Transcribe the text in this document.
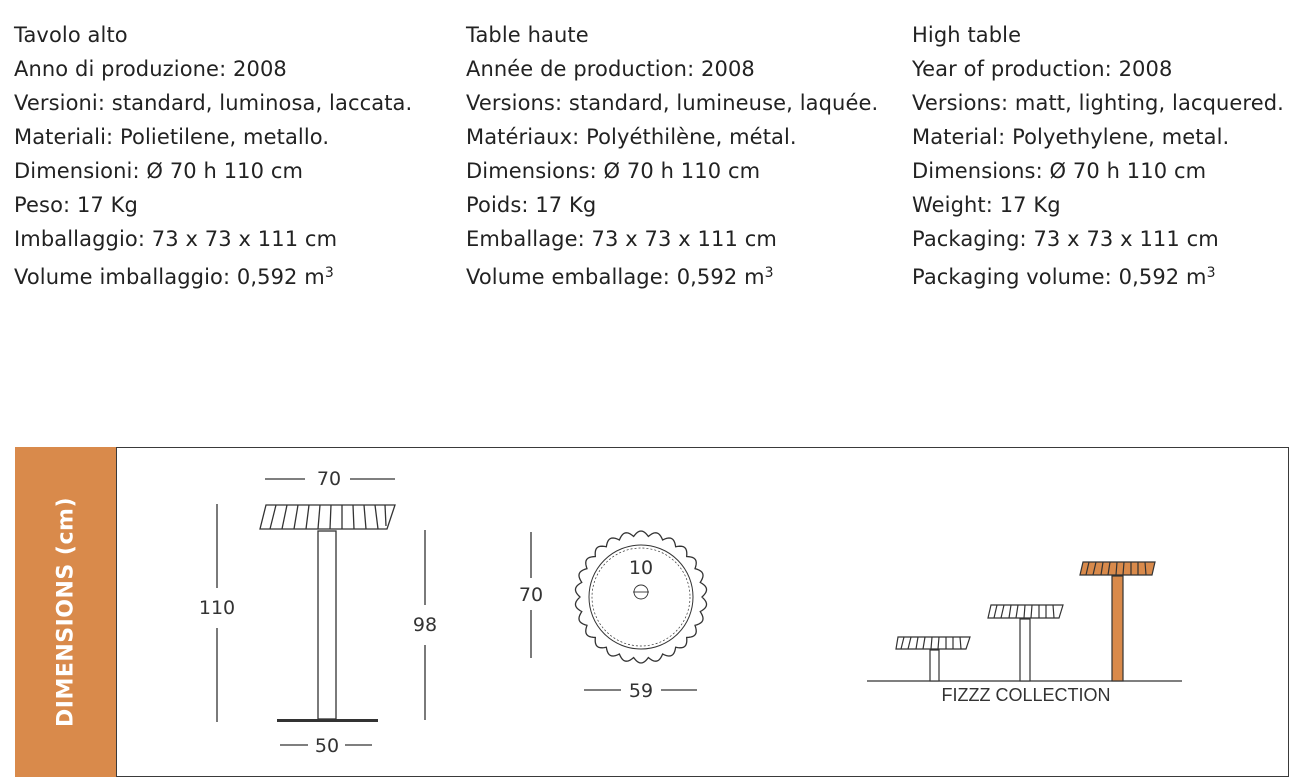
Tavolo alto
Anno di produzione: 2008
Versioni: standard, luminosa, laccata.
Materiali: Polietilene, metallo.
Dimensioni: Ø 70 h 110 cm
Peso: 17 Kg
Imballaggio: 73 x 73 x 111 cm
Volume imballaggio: 0,592 $m^3$
Table haute
Année de production: 2008
Versions: standard, lumineuse, laquée.
Matériaux: Polyéthilène, métal.
Dimensions: Ø 70 h 110 cm
Poids: 17 Kg
Emballage: 73 x 73 x 111 cm
Volume emballage: 0,592 $m^3$
High table
Year of production: 2008
Versions: matt, lighting, lacquered.
Material: Polyethylene, metal.
Dimensions: Ø 70 h 110 cm
Weight: 17 Kg
Packaging: 73 x 73 x 111 cm
Packaging volume: 0,592 $m^3$
DIMENSIONS (cm)
70
110
98
50
10
70
59	FIZZZ COLLECTION
